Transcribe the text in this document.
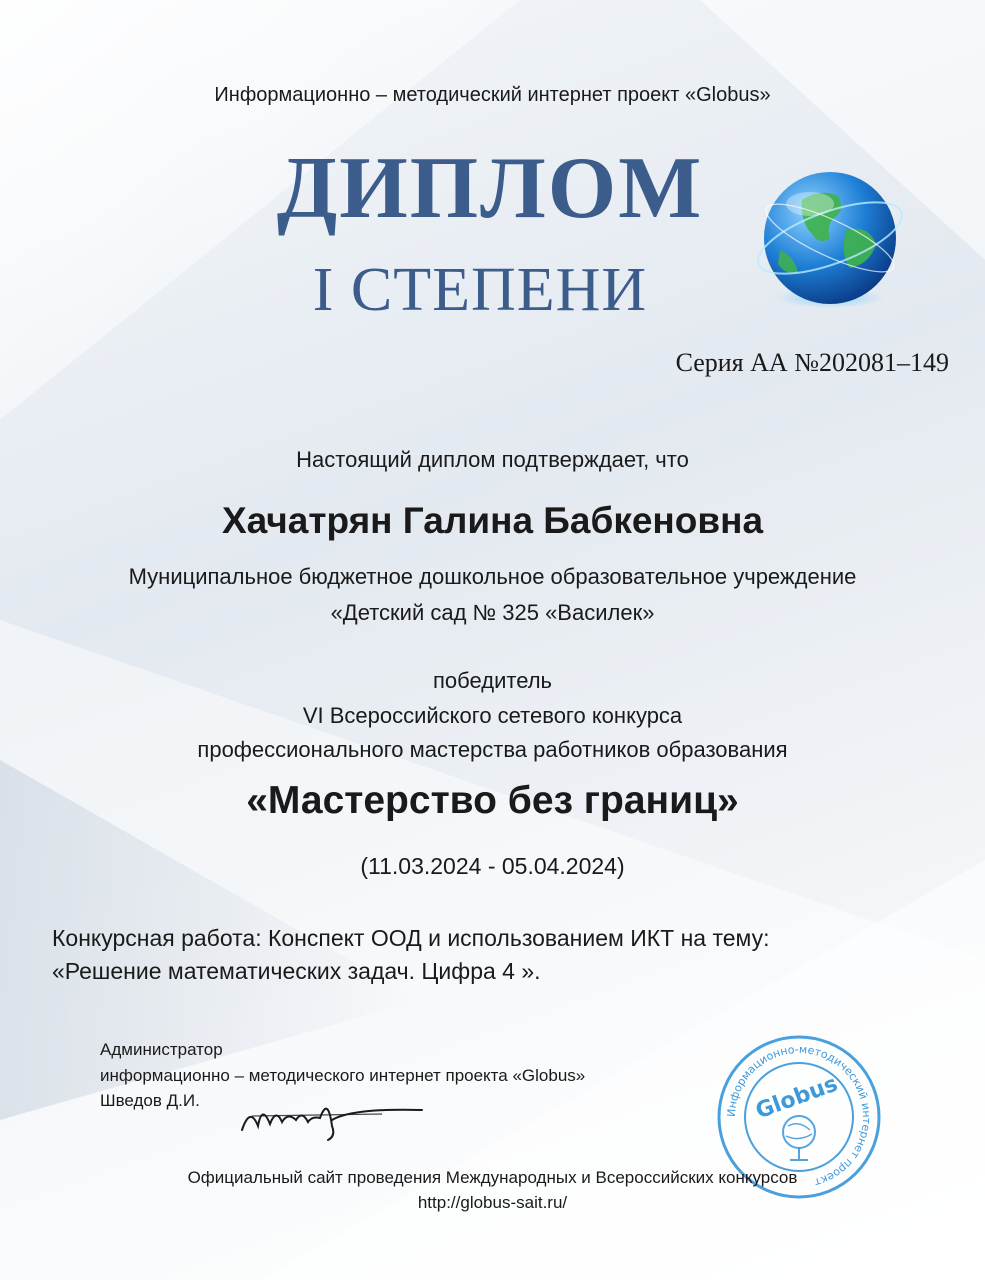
Информационно – методический интернет проект «Globus»
ДИПЛОМ
I СТЕПЕНИ
Серия АА №202081–149
Настоящий диплом подтверждает, что
Хачатрян Галина Бабкеновна
Муниципальное бюджетное дошкольное образовательное учреждение
«Детский сад № 325 «Василек»
победитель
VI Всероссийского сетевого конкурса
профессионального мастерства работников образования
«Мастерство без границ»
(11.03.2024 - 05.04.2024)
Конкурсная работа: Конспект ООД и использованием ИКТ на тему:
«Решение математических задач. Цифра 4 ».
Администратор
информационно – методического интернет проекта «Globus»
Шведов Д.И.
Информационно-методический интернет проект
Globus
Официальный сайт проведения Международных и Всероссийских конкурсов
http://globus-sait.ru/
